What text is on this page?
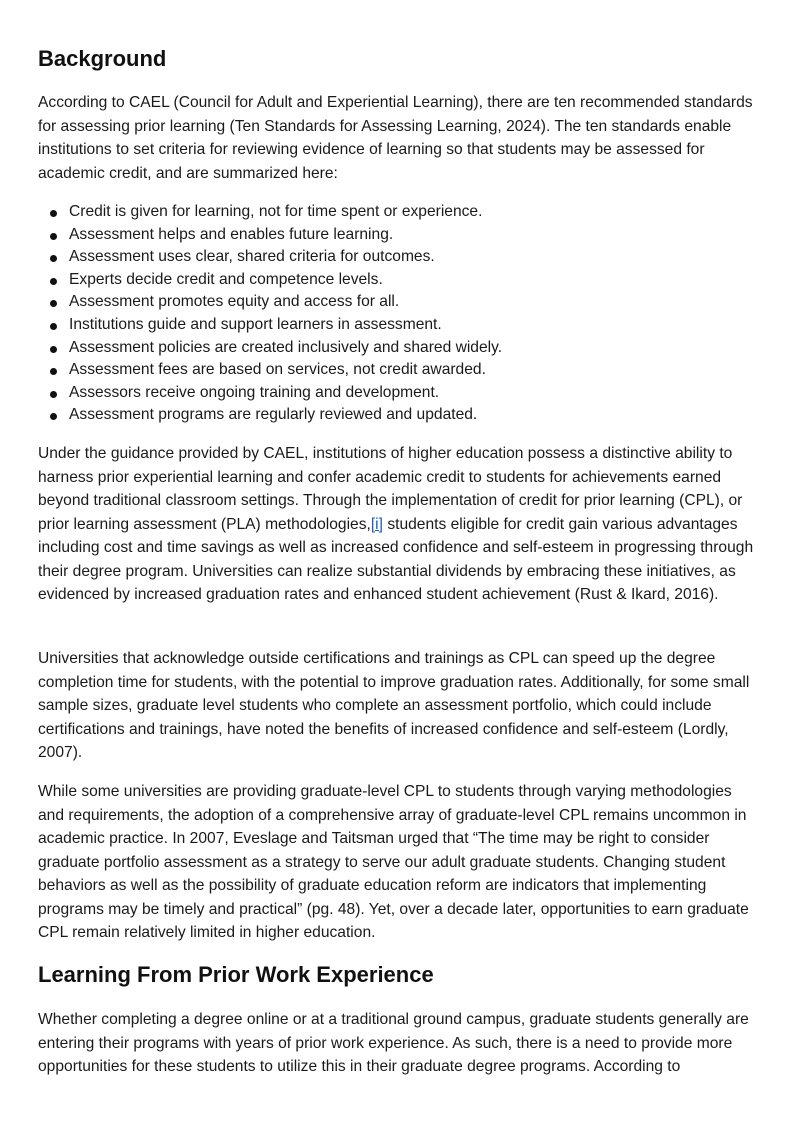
Background

According to CAEL (Council for Adult and Experiential Learning), there are ten recommended standards for assessing prior learning (Ten Standards for Assessing Learning, 2024). The ten standards enable institutions to set criteria for reviewing evidence of learning so that students may be assessed for academic credit, and are summarized here:

Credit is given for learning, not for time spent or experience.
Assessment helps and enables future learning.
Assessment uses clear, shared criteria for outcomes.
Experts decide credit and competence levels.
Assessment promotes equity and access for all.
Institutions guide and support learners in assessment.
Assessment policies are created inclusively and shared widely.
Assessment fees are based on services, not credit awarded.
Assessors receive ongoing training and development.
Assessment programs are regularly reviewed and updated.

Under the guidance provided by CAEL, institutions of higher education possess a distinctive ability to harness prior experiential learning and confer academic credit to students for achievements earned beyond traditional classroom settings. Through the implementation of credit for prior learning (CPL), or prior learning assessment (PLA) methodologies,[i] students eligible for credit gain various advantages including cost and time savings as well as increased confidence and self-esteem in progressing through their degree program. Universities can realize substantial dividends by embracing these initiatives, as evidenced by increased graduation rates and enhanced student achievement (Rust & Ikard, 2016).

Universities that acknowledge outside certifications and trainings as CPL can speed up the degree completion time for students, with the potential to improve graduation rates. Additionally, for some small sample sizes, graduate level students who complete an assessment portfolio, which could include certifications and trainings, have noted the benefits of increased confidence and self-esteem (Lordly, 2007).

While some universities are providing graduate-level CPL to students through varying methodologies and requirements, the adoption of a comprehensive array of graduate-level CPL remains uncommon in academic practice. In 2007, Eveslage and Taitsman urged that “The time may be right to consider graduate portfolio assessment as a strategy to serve our adult graduate students. Changing student behaviors as well as the possibility of graduate education reform are indicators that implementing programs may be timely and practical” (pg. 48). Yet, over a decade later, opportunities to earn graduate CPL remain relatively limited in higher education.

Learning From Prior Work Experience

Whether completing a degree online or at a traditional ground campus, graduate students generally are entering their programs with years of prior work experience. As such, there is a need to provide more opportunities for these students to utilize this in their graduate degree programs. According to
